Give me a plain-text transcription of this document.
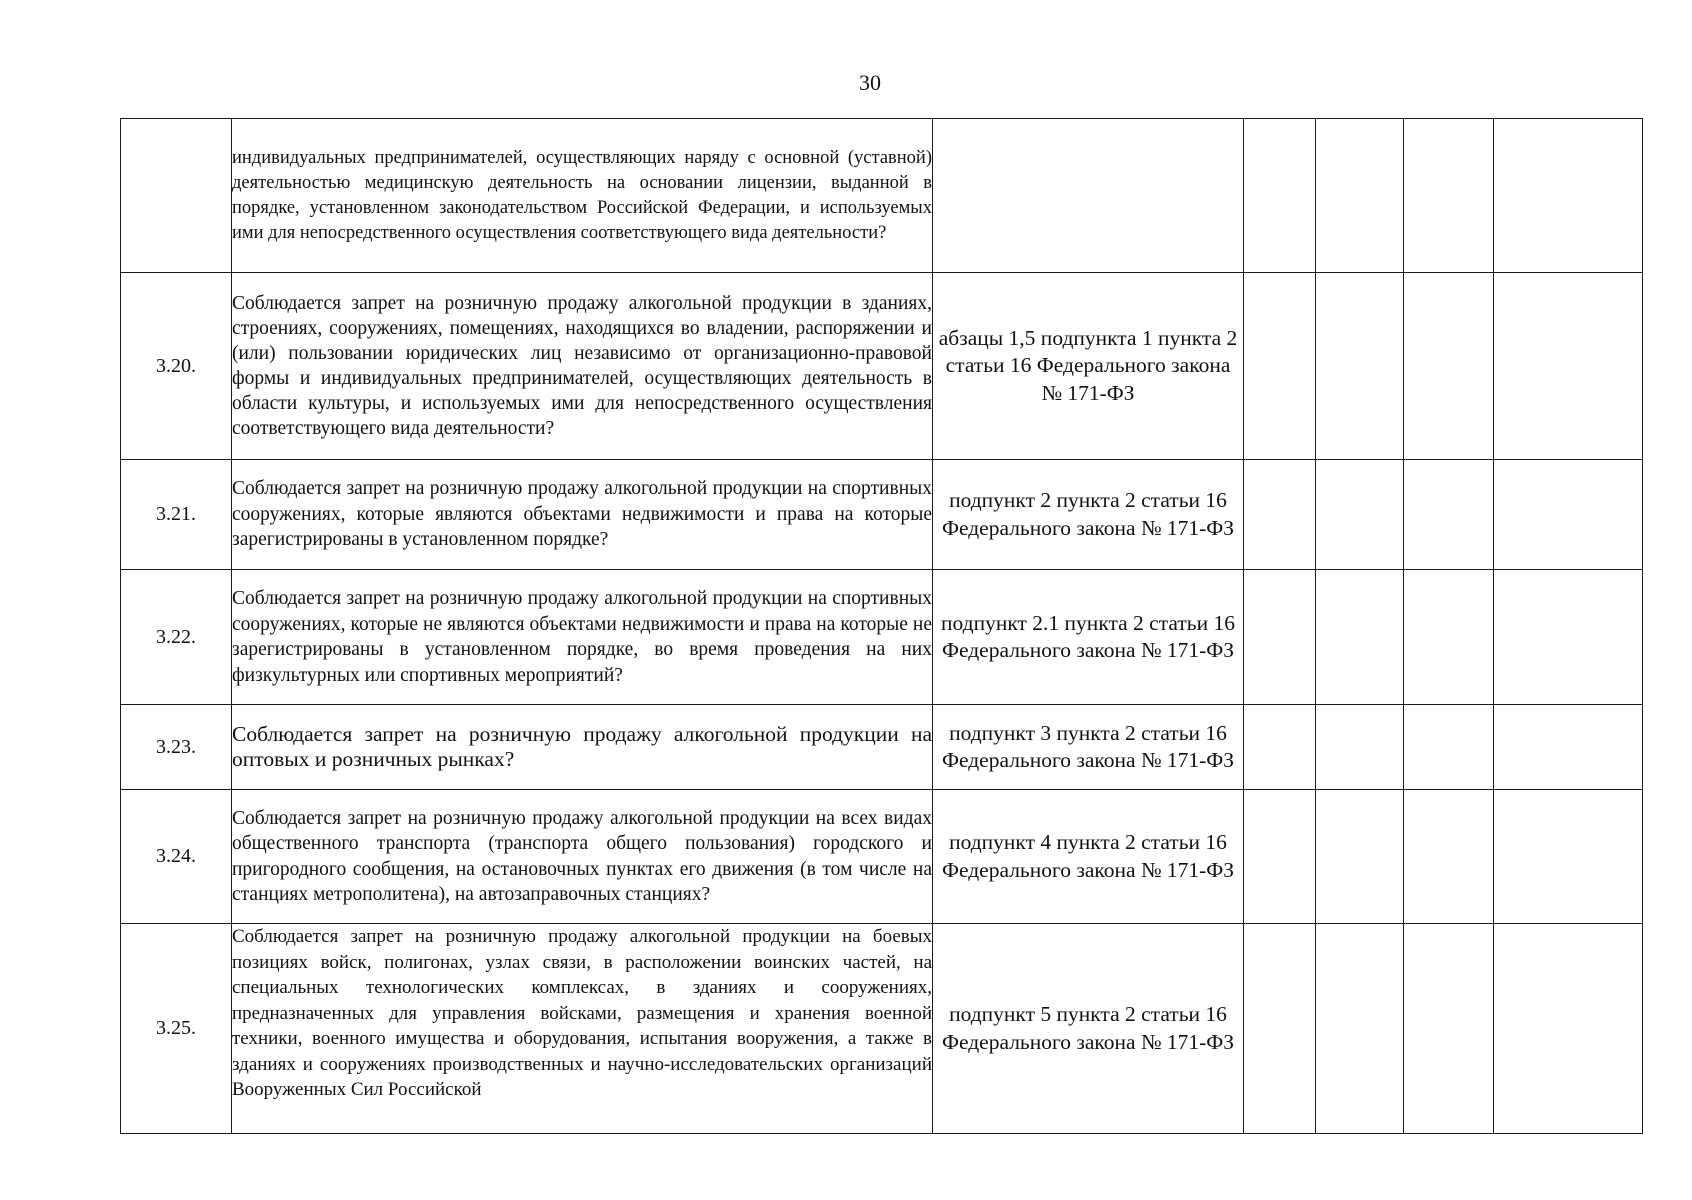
30
	индивидуальных предпринимателей, осуществляющих наряду с основной (уставной) деятельностью медицинскую деятельность на основании лицензии, выданной в порядке, установленном законодательством Российской Федерации, и используемых ими для непосредственного осуществления соответствующего вида деятельности?					
3.20.	Соблюдается запрет на розничную продажу алкогольной продукции в зданиях, строениях, сооружениях, помещениях, находящихся во владении, распоряжении и (или) пользовании юридических лиц независимо от организационно-правовой формы и индивидуальных предпринимателей, осуществляющих деятельность в области культуры, и используемых ими для непосредственного осуществления соответствующего вида деятельности?	абзацы 1,5 подпункта 1 пункта 2 статьи 16 Федерального закона № 171-ФЗ				
3.21.	Соблюдается запрет на розничную продажу алкогольной продукции на спортивных сооружениях, которые являются объектами недвижимости и права на которые зарегистрированы в установленном порядке?	подпункт 2 пункта 2 статьи 16 Федерального закона № 171-ФЗ				
3.22.	Соблюдается запрет на розничную продажу алкогольной продукции на спортивных сооружениях, которые не являются объектами недвижимости и права на которые не зарегистрированы в установленном порядке, во время проведения на них физкультурных или спортивных мероприятий?	подпункт 2.1 пункта 2 статьи 16 Федерального закона № 171-ФЗ				
3.23.	Соблюдается запрет на розничную продажу алкогольной продукции на оптовых и розничных рынках?	подпункт 3 пункта 2 статьи 16 Федерального закона № 171-ФЗ				
3.24.	Соблюдается запрет на розничную продажу алкогольной продукции на всех видах общественного транспорта (транспорта общего пользования) городского и пригородного сообщения, на остановочных пунктах его движения (в том числе на станциях метрополитена), на автозаправочных станциях?	подпункт 4 пункта 2 статьи 16 Федерального закона № 171-ФЗ				
3.25.	Соблюдается запрет на розничную продажу алкогольной продукции на боевых позициях войск, полигонах, узлах связи, в расположении воинских частей, на специальных технологических комплексах, в зданиях и сооружениях, предназначенных для управления войсками, размещения и хранения военной техники, военного имущества и оборудования, испытания вооружения, а также в зданиях и сооружениях производственных и научно-исследовательских организаций Вооруженных Сил Российской	подпункт 5 пункта 2 статьи 16 Федерального закона № 171-ФЗ				
